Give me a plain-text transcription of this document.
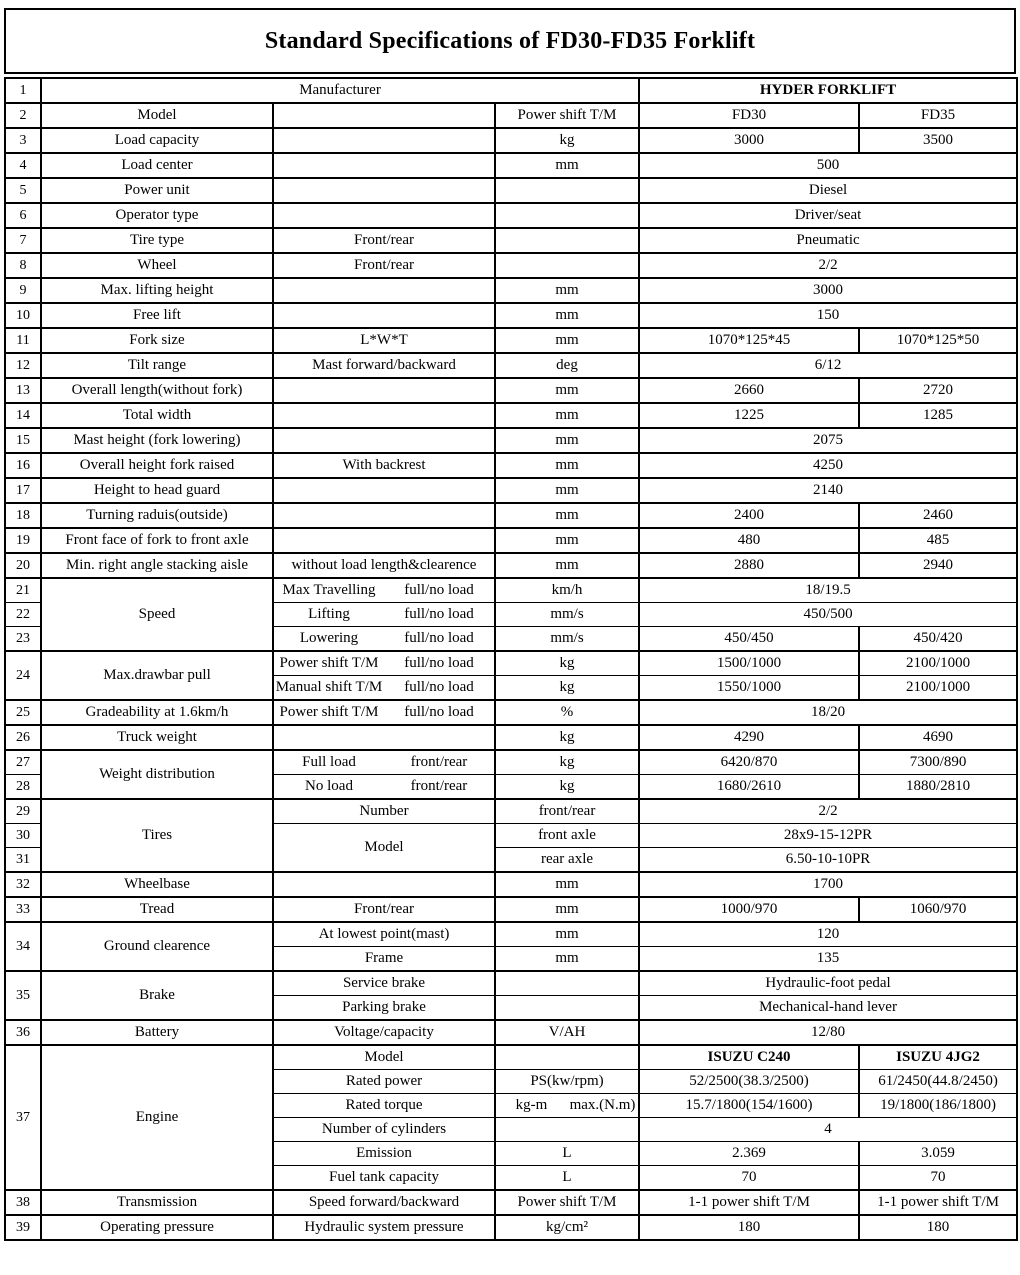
Standard Specifications of FD30-FD35 Forklift
1	Manufacturer			HYDER FORKLIFT	
2	Model		Power shift T/M	FD30	FD35
3	Load capacity		kg	3000	3500
4	Load center		mm	500	
5	Power unit			Diesel	
6	Operator type			Driver/seat	
7	Tire type	Front/rear		Pneumatic	
8	Wheel	Front/rear		2/2	
9	Max. lifting height		mm	3000	
10	Free lift		mm	150	
11	Fork size	L*W*T	mm	1070*125*45	1070*125*50
12	Tilt range	Mast forward/backward	deg	6/12	
13	Overall length(without fork)		mm	2660	2720
14	Total width		mm	1225	1285
15	Mast height (fork lowering)		mm	2075	
16	Overall height fork raised	With backrest	mm	4250	
17	Height to head guard		mm	2140	
18	Turning raduis(outside)		mm	2400	2460
19	Front face of fork to front axle		mm	480	485
20	Min. right angle stacking aisle	without load length&clearence	mm	2880	2940
21	Speed	Max Travelling full/no load	km/h	18/19.5	
22		Lifting full/no load	mm/s	450/500	
23		Lowering full/no load	mm/s	450/450	450/420
24	Max.drawbar pull	Power shift T/M full/no load	kg	1500/1000	2100/1000

		Manual shift T/M full/no load	kg	1550/1000	2100/1000
25	Gradeability at 1.6km/h	Power shift T/M full/no load	%	18/20	
26	Truck weight		kg	4290	4690
27	Weight distribution	Full load front/rear	kg	6420/870	7300/890
28		No load front/rear	kg	1680/2610	1880/2810
29	Tires	Number	front/rear	2/2	
30		Model	front axle	28x9-15-12PR	
31			rear axle	6.50-10-10PR	
32	Wheelbase		mm	1700	
33	Tread	Front/rear	mm	1000/970	1060/970
34	Ground clearence	At lowest point(mast)	mm	120	
		Frame	mm	135	
35	Brake	Service brake		Hydraulic-foot pedal	
		Parking brake		Mechanical-hand lever	
36	Battery	Voltage/capacity	V/AH	12/80	
37	Engine	Model		ISUZU C240	ISUZU 4JG2
		Rated power	PS(kw/rpm)	52/2500(38.3/2500)	61/2450(44.8/2450)
		Rated torque	kg-m max.(N.m)	15.7/1800(154/1600)	19/1800(186/1800)
		Number of cylinders		4	
		Emission	L	2.369	3.059
		Fuel tank capacity	L	70	70
38	Transmission	Speed forward/backward	Power shift T/M	1-1 power shift T/M	1-1 power shift T/M
39	Operating pressure	Hydraulic system pressure	kg/cm²	180	180
